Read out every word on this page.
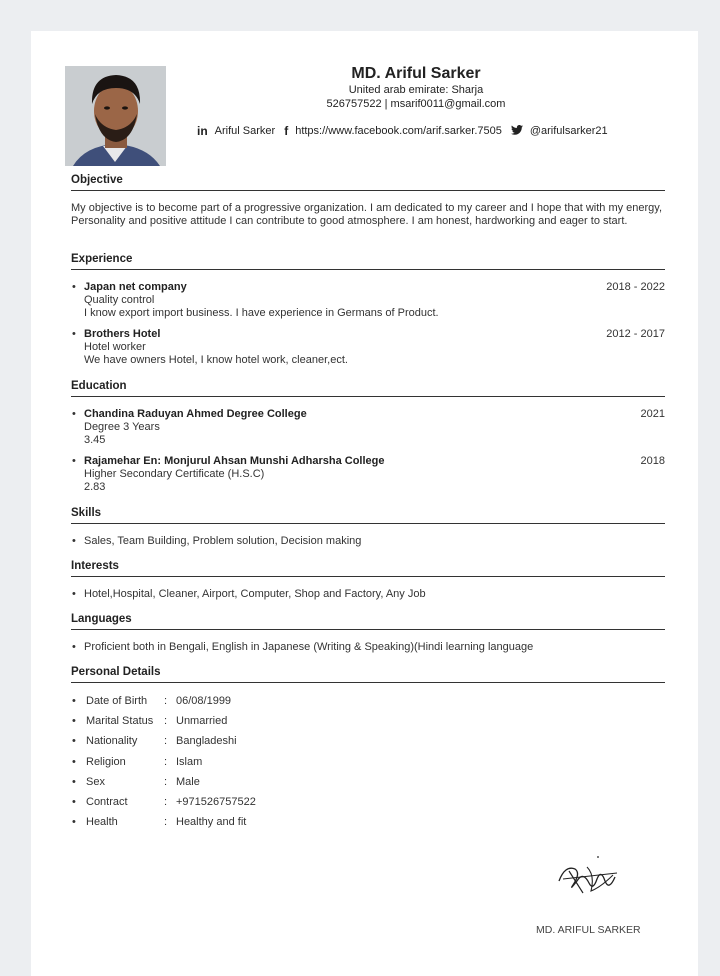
MD. Ariful Sarker
United arab emirate: Sharja
526757522 | msarif0011@gmail.com
in Ariful Sarker f https://www.facebook.com/arif.sarker.7505	@arifulsarker21
Objective
My objective is to become part of a progressive organization. I am dedicated to my career and I hope that with my energy, Personality and positive attitude I can contribute to good atmosphere. I am honest, hardworking and eager to start.
Experience
• Japan net company	2018 - 2022
Quality control
I know export import business. I have experience in Germans of Product.
• Brothers Hotel	2012 - 2017
Hotel worker
We have owners Hotel, I know hotel work, cleaner,ect.
Education
• Chandina Raduyan Ahmed Degree College	2021
Degree 3 Years
3.45
• Rajamehar En: Monjurul Ahsan Munshi Adharsha College	2018
Higher Secondary Certificate (H.S.C)
2.83
Skills
• Sales, Team Building, Problem solution, Decision making
Interests
• Hotel,Hospital, Cleaner, Airport, Computer, Shop and Factory, Any Job
Languages
• Proficient both in Bengali, English in Japanese (Writing & Speaking)(Hindi learning language
Personal Details
• Date of Birth : 06/08/1999
• Marital Status : Unmarried
• Nationality : Bangladeshi
• Religion	: Islam
• Sex	: Male
• Contract	: +971526757522
• Health	: Healthy and fit
MD. ARIFUL SARKER
